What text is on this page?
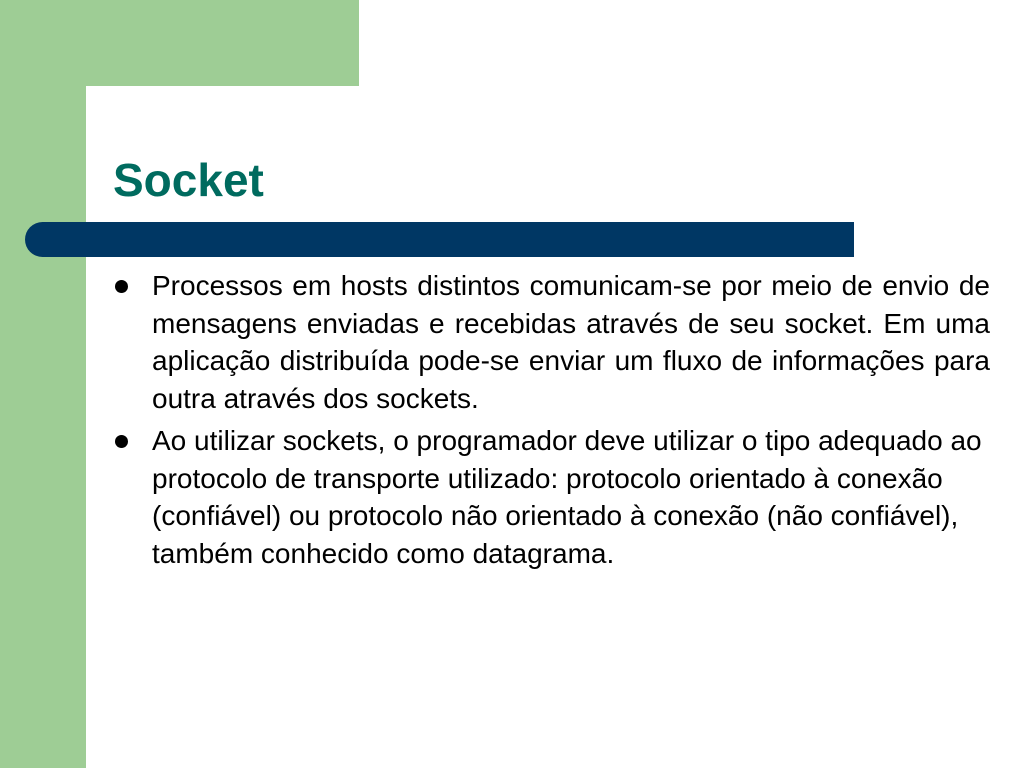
Socket
Processos em hosts distintos comunicam-se por meio de envio de mensagens enviadas e recebidas através de seu socket. Em uma aplicação distribuída pode-se enviar um fluxo de informações para outra através dos sockets.
Ao utilizar sockets, o programador deve utilizar o tipo adequado ao protocolo de transporte utilizado: protocolo orientado à conexão (confiável) ou protocolo não orientado à conexão (não confiável), também conhecido como datagrama.
